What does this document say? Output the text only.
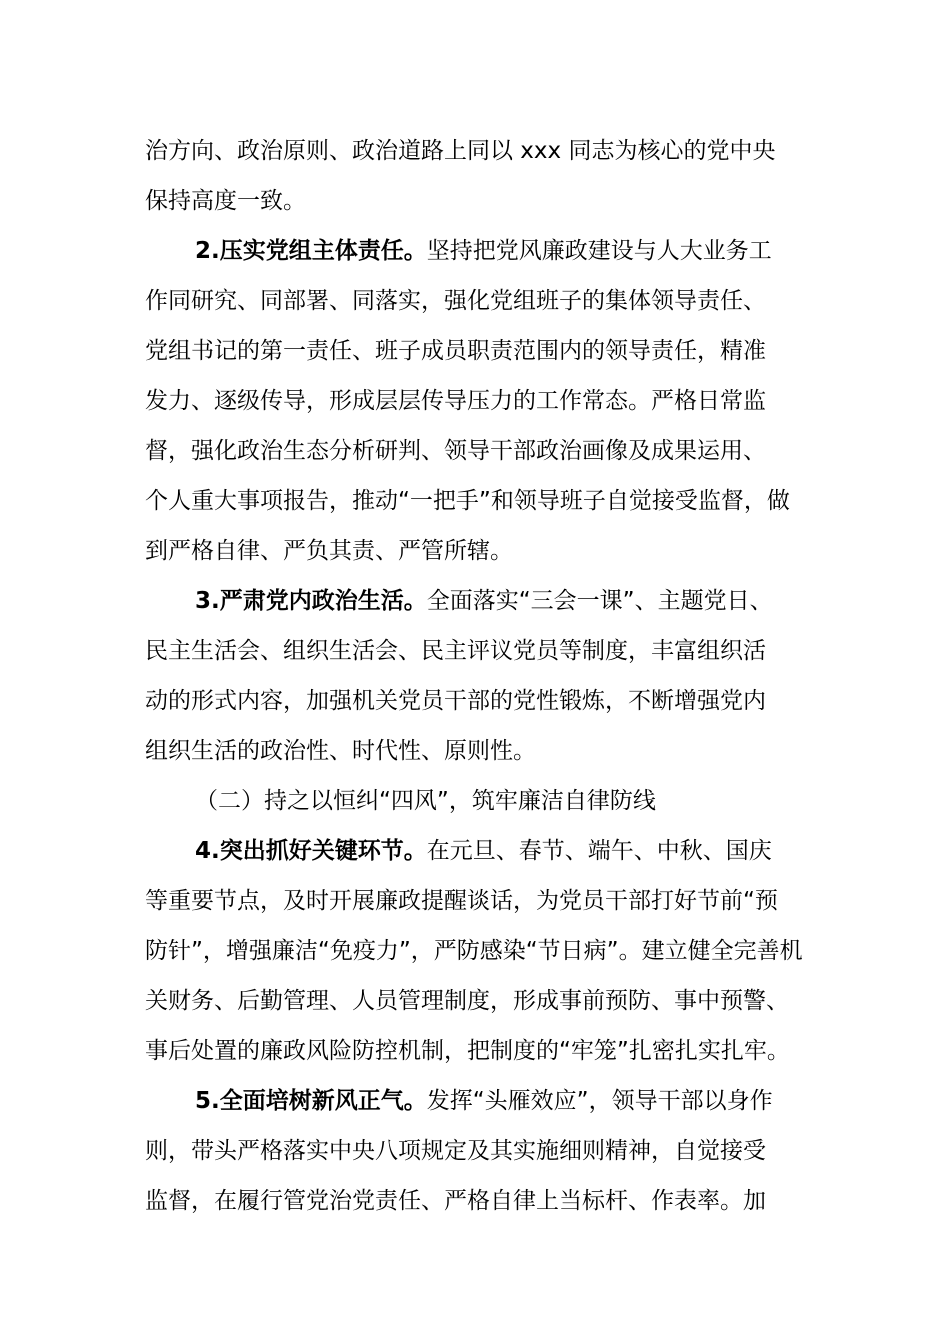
治方向、政治原则、政治道路上同以 xxx 同志为核心的党中央
保持高度一致。
2.压实党组主体责任。坚持把党风廉政建设与人大业务工
作同研究、同部署、同落实，强化党组班子的集体领导责任、
党组书记的第一责任、班子成员职责范围内的领导责任，精准
发力、逐级传导，形成层层传导压力的工作常态。严格日常监
督，强化政治生态分析研判、领导干部政治画像及成果运用、
个人重大事项报告，推动“一把手”和领导班子自觉接受监督，做
到严格自律、严负其责、严管所辖。
3.严肃党内政治生活。全面落实“三会一课”、主题党日、
民主生活会、组织生活会、民主评议党员等制度，丰富组织活
动的形式内容，加强机关党员干部的党性锻炼，不断增强党内
组织生活的政治性、时代性、原则性。
（二）持之以恒纠“四风”，筑牢廉洁自律防线
4.突出抓好关键环节。在元旦、春节、端午、中秋、国庆
等重要节点，及时开展廉政提醒谈话，为党员干部打好节前“预
防针”，增强廉洁“免疫力”，严防感染“节日病”。建立健全完善机
关财务、后勤管理、人员管理制度，形成事前预防、事中预警、
事后处置的廉政风险防控机制，把制度的“牢笼”扎密扎实扎牢。
5.全面培树新风正气。发挥“头雁效应”，领导干部以身作
则，带头严格落实中央八项规定及其实施细则精神，自觉接受
监督，在履行管党治党责任、严格自律上当标杆、作表率。加
